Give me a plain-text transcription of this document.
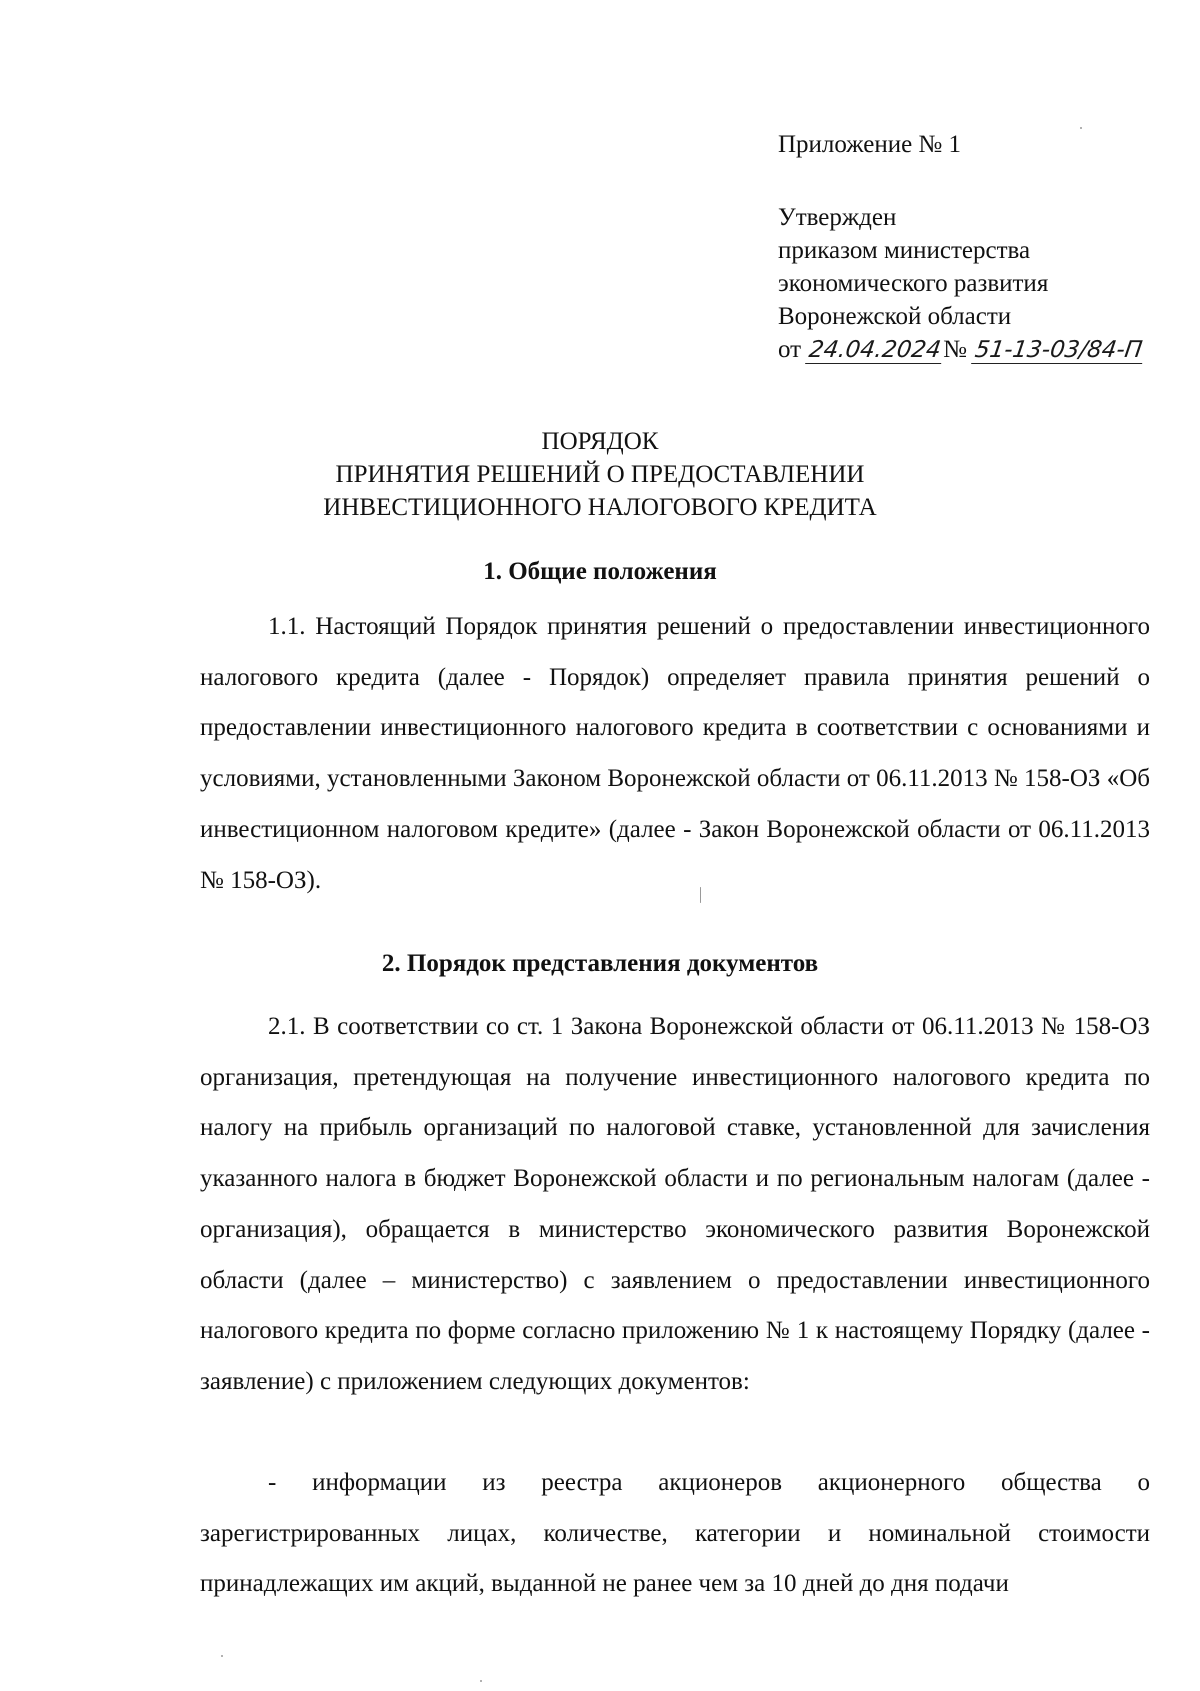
Приложение № 1
Утвержден
приказом министерства
экономического развития
Воронежской области
от 24.04.2024№ 51-13-03/84-П
ПОРЯДОК
ПРИНЯТИЯ РЕШЕНИЙ О ПРЕДОСТАВЛЕНИИ
ИНВЕСТИЦИОННОГО НАЛОГОВОГО КРЕДИТА
1. Общие положения
1.1. Настоящий Порядок принятия решений о предоставлении инвестиционного налогового кредита (далее - Порядок) определяет правила принятия решений о предоставлении инвестиционного налогового кредита в соответствии с основаниями и условиями, установленными Законом Воронежской области от 06.11.2013 № 158-ОЗ «Об инвестиционном налоговом кредите» (далее - Закон Воронежской области от 06.11.2013 № 158-ОЗ).
2. Порядок представления документов
2.1. В соответствии со ст. 1 Закона Воронежской области от 06.11.2013 № 158-ОЗ организация, претендующая на получение инвестиционного налогового кредита по налогу на прибыль организаций по налоговой ставке, установленной для зачисления указанного налога в бюджет Воронежской области и по региональным налогам (далее - организация), обращается в министерство экономического развития Воронежской области (далее – министерство) с заявлением о предоставлении инвестиционного налогового кредита по форме согласно приложению № 1 к настоящему Порядку (далее - заявление) с приложением следующих документов:
- информации из реестра акционеров акционерного общества о зарегистрированных лицах, количестве, категории и номинальной стоимости принадлежащих им акций, выданной не ранее чем за 10 дней до дня подачи
